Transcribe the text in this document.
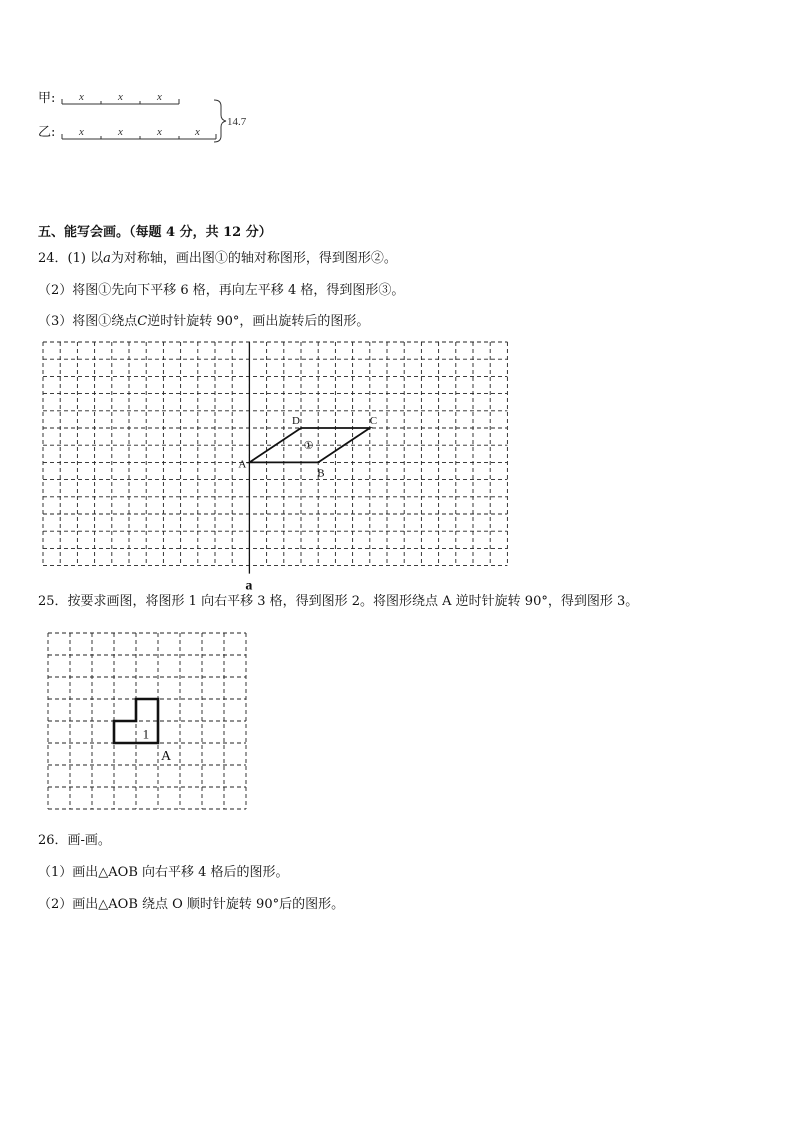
甲:
乙:
x	x	x
x	x	x	x
14.7
五、能写会画。（每题 4 分，共 12 分）
24．(1) 以a为对称轴，画出图①的轴对称图形，得到图形②。
（2）将图①先向下平移 6 格，再向左平移 4 格，得到图形③。
（3）将图①绕点C逆时针旋转 90°，画出旋转后的图形。
a
A
B
C
D
①
25．按要求画图，将图形 1 向右平移 3 格，得到图形 2。将图形绕点 A 逆时针旋转 90°，得到图形 3。
1
A
26．画-画。
（1）画出△AOB 向右平移 4 格后的图形。
（2）画出△AOB 绕点 O 顺时针旋转 90°后的图形。
